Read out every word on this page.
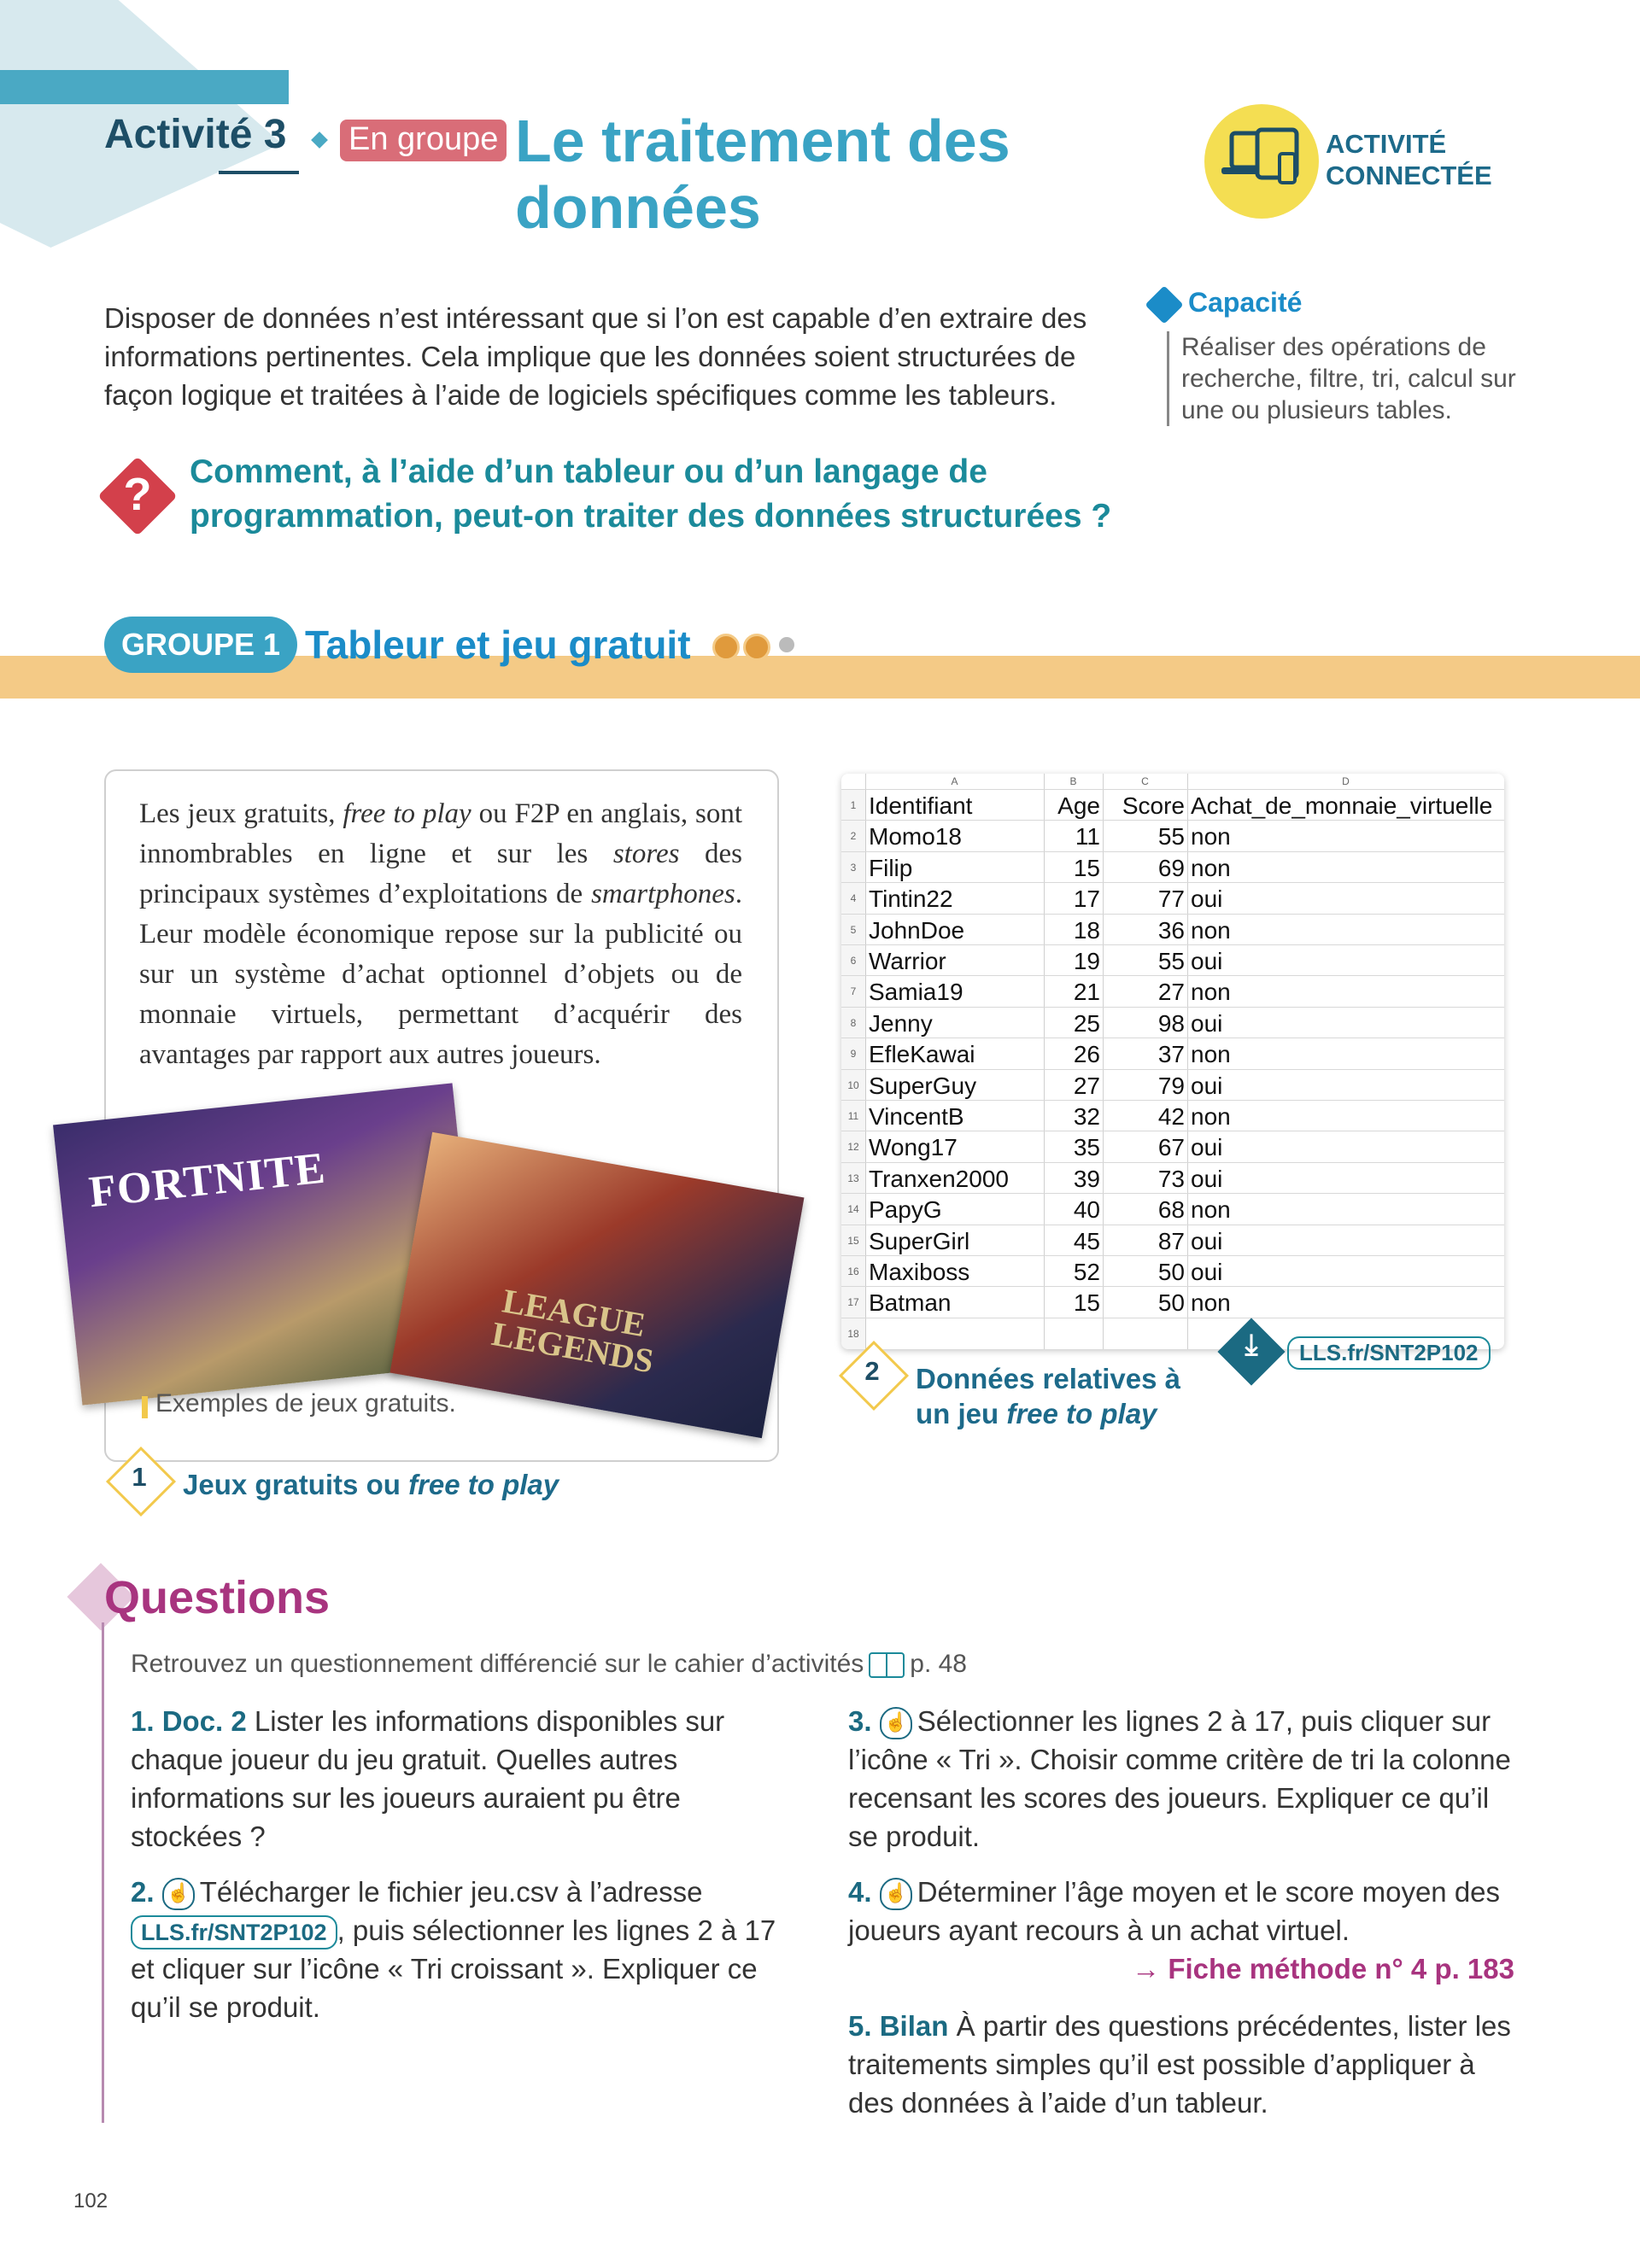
Activité 3 En groupe Le traitement des données
ACTIVITÉ CONNECTÉE
Disposer de données n’est intéressant que si l’on est capable d’en extraire des informations pertinentes. Cela implique que les données soient structurées de façon logique et traitées à l’aide de logiciels spécifiques comme les tableurs.
Capacité
Réaliser des opérations de recherche, filtre, tri, calcul sur une ou plusieurs tables.
?	Comment, à l’aide d’un tableur ou d’un langage de programmation, peut-on traiter des données structurées ?
GROUPE 1 Tableur et jeu gratuit
Les jeux gratuits, free to play ou F2P en anglais, sont innombrables en ligne et sur les stores des principaux systèmes d’exploitations de smartphones. Leur modèle économique repose sur la publicité ou sur un système d’achat optionnel d’objets ou de monnaie virtuels, permettant d’acquérir des avantages par rapport aux autres joueurs.
FORTNITE
LEAGUE LEGENDS
Exemples de jeux gratuits.
1	Jeux gratuits ou free to play
A	B	C	D
1 Identifiant	Age Score Achat_de_monnaie_virtuelle
2 Momo18	11	55 non
3 Filip	15	69 non
4 Tintin22	17	77 oui
5 JohnDoe	18	36 non
6 Warrior	19	55 oui
7 Samia19	21	27 non
8 Jenny	25	98 oui
9 EfleKawai	26	37 non
10 SuperGuy	27	79 oui
11 VincentB	32	42 non
12 Wong17	35	67 oui
13 Tranxen2000	39	73 oui
14 PapyG	40	68 non
15 SuperGirl	45	87 oui
16 Maxiboss	52	50 oui
17 Batman	15	50 non
18	⤓	LLS.fr/SNT2P102
2	Données relatives à
un jeu free to play
Questions
Retrouvez un questionnement différencié sur le cahier d’activités p. 48
1. Doc. 2 Lister les informations disponibles sur chaque joueur du jeu gratuit. Quelles autres informations sur les joueurs auraient pu être stockées ?
2. ☝ Télécharger le fichier jeu.csv à l’adresse LLS.fr/SNT2P102 , puis sélectionner les lignes 2 à 17 et cliquer sur l’icône « Tri croissant ». Expliquer ce qu’il se produit.
3. ☝ Sélectionner les lignes 2 à 17, puis cliquer sur l’icône « Tri ». Choisir comme critère de tri la colonne recensant les scores des joueurs. Expliquer ce qu’il se produit.
4. ☝ Déterminer l’âge moyen et le score moyen des joueurs ayant recours à un achat virtuel.
→ Fiche méthode n° 4 p. 183
5. Bilan À partir des questions précédentes, lister les traitements simples qu’il est possible d’appliquer à des données à l’aide d’un tableur.
102
